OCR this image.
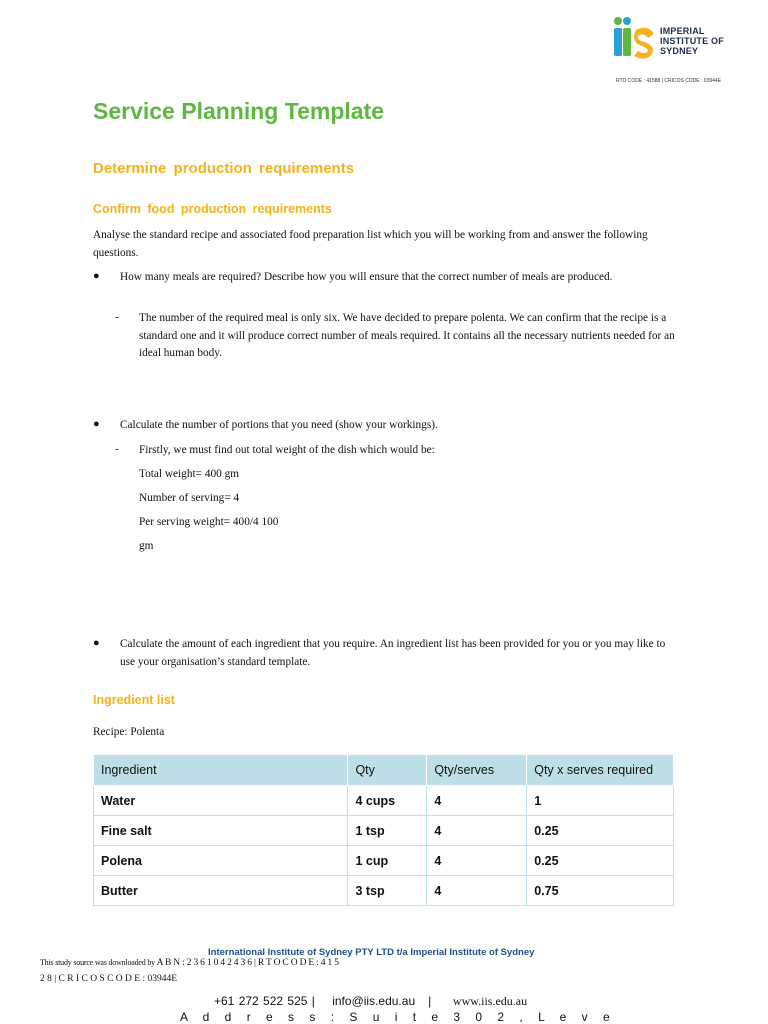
IMPERIAL
INSTITUTE OF
SYDNEY
RTO CODE : 41588 | CRICOS CODE : 03944E
Service Planning Template
Determine production requirements
Confirm food production requirements
Analyse the standard recipe and associated food preparation list which you will be working from and answer the following questions.
● How many meals are required? Describe how you will ensure that the correct number of meals are produced.
- The number of the required meal is only six. We have decided to prepare polenta. We can confirm that the recipe is a standard one and it will produce correct number of meals required. It contains all the necessary nutrients needed for an ideal human body.
● Calculate the number of portions that you need (show your workings).
- Firstly, we must find out total weight of the dish which would be:
Total weight= 400 gm
Number of serving= 4
Per serving weight= 400/4 100
gm
● Calculate the amount of each ingredient that you require. An ingredient list has been provided for you or you may like to use your organisation’s standard template.
Ingredient list
Recipe: Polenta
Ingredient	Qty	Qty/serves	Qty x serves required
Water	4 cups	4	1
Fine salt	1 tsp	4	0.25
Polena	1 cup	4	0.25
Butter	3 tsp	4	0.75
International Institute of Sydney PTY LTD t/a Imperial Institute of Sydney
This study source was downloaded by A B N : 2 3 6 1 0 4 2 4 3 6 | R T O C O D E : 4 1 5
2 8 | C R I C O S C O D E : 03944E
+61 272 522 525 |    info@iis.edu.au   |     www.iis.edu.au
A d d r e s s : S u i t e 3 0 2 , L e v e
